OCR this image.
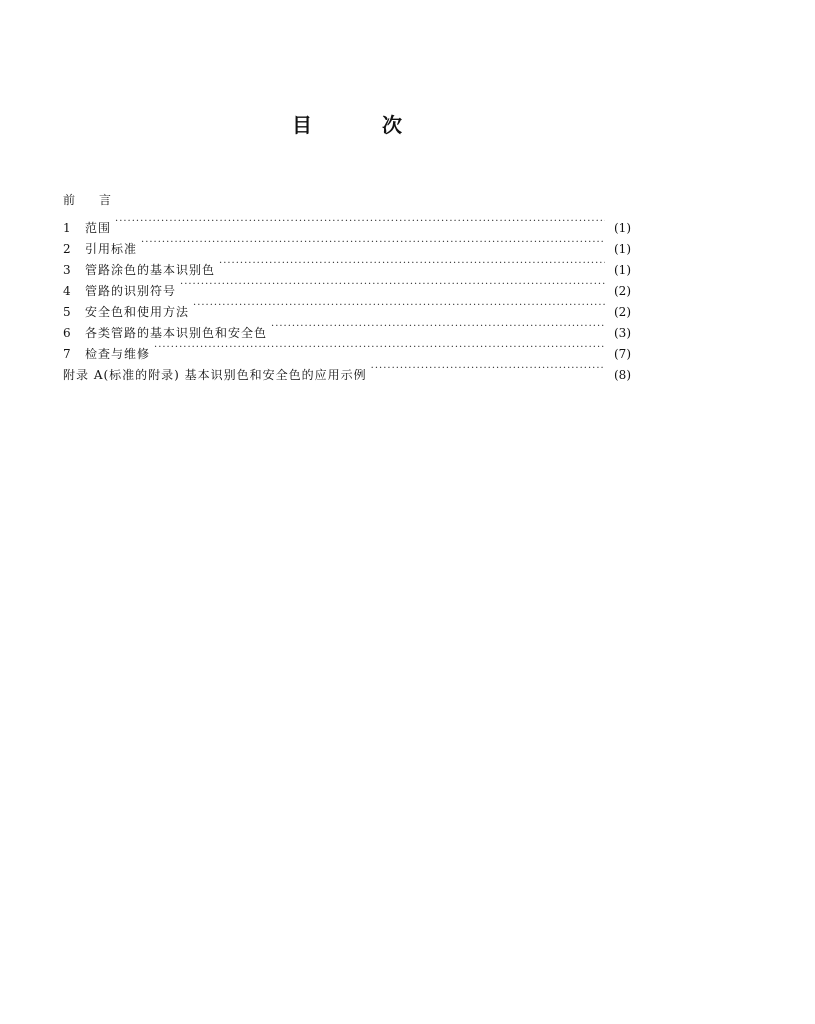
目	次
前 言
1	范围 ·····	(1)
2	引用标准 ·····	(1)
3	管路涂色的基本识别色 ·····	(1)
4	管路的识别符号 ·····	(2)
5	安全色和使用方法 ·····	(2)
6	各类管路的基本识别色和安全色 ·····	(3)
7	检查与维修 ·····	(7)
附录 A(标准的附录) 基本识别色和安全色的应用示例 ·····	(8)
